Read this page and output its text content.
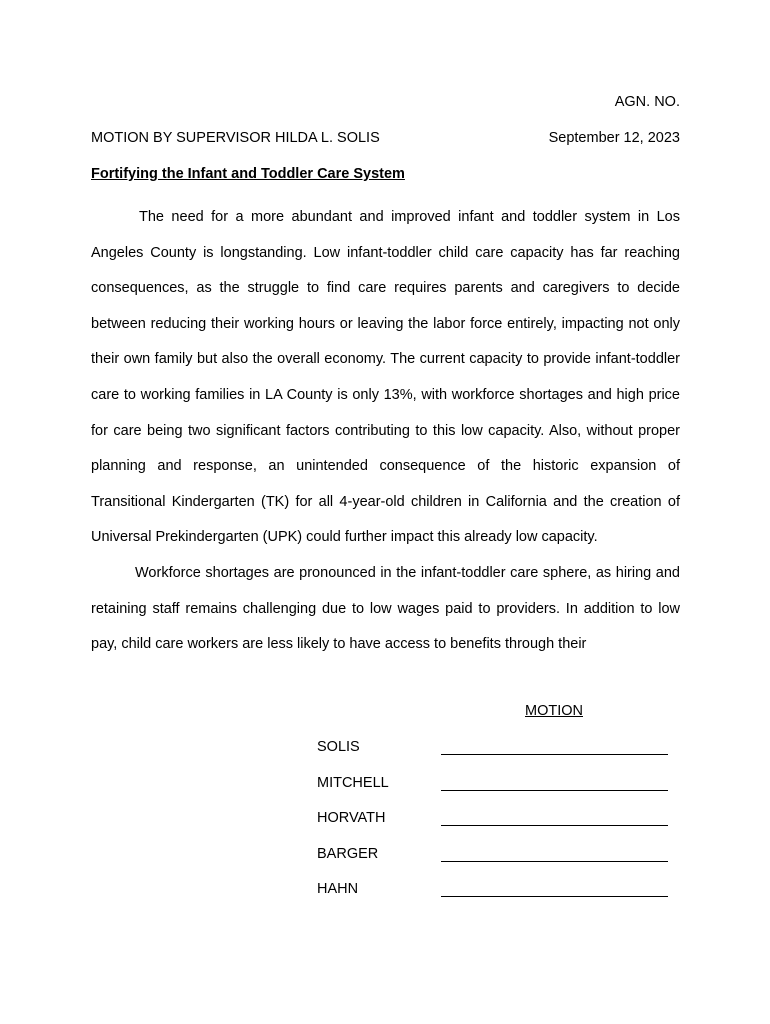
AGN. NO.
MOTION BY SUPERVISOR HILDA L. SOLIS	September 12, 2023
Fortifying the Infant and Toddler Care System

The need for a more abundant and improved infant and toddler system in Los Angeles County is longstanding. Low infant-toddler child care capacity has far reaching consequences, as the struggle to find care requires parents and caregivers to decide between reducing their working hours or leaving the labor force entirely, impacting not only their own family but also the overall economy. The current capacity to provide infant-toddler care to working families in LA County is only 13%, with workforce shortages and high price for care being two significant factors contributing to this low capacity. Also, without proper planning and response, an unintended consequence of the historic expansion of Transitional Kindergarten (TK) for all 4-year-old children in California and the creation of Universal Prekindergarten (UPK) could further impact this already low capacity.

Workforce shortages are pronounced in the infant-toddler care sphere, as hiring and retaining staff remains challenging due to low wages paid to providers. In addition to low pay, child care workers are less likely to have access to benefits through their

MOTION
SOLIS
MITCHELL
HORVATH
BARGER
HAHN
